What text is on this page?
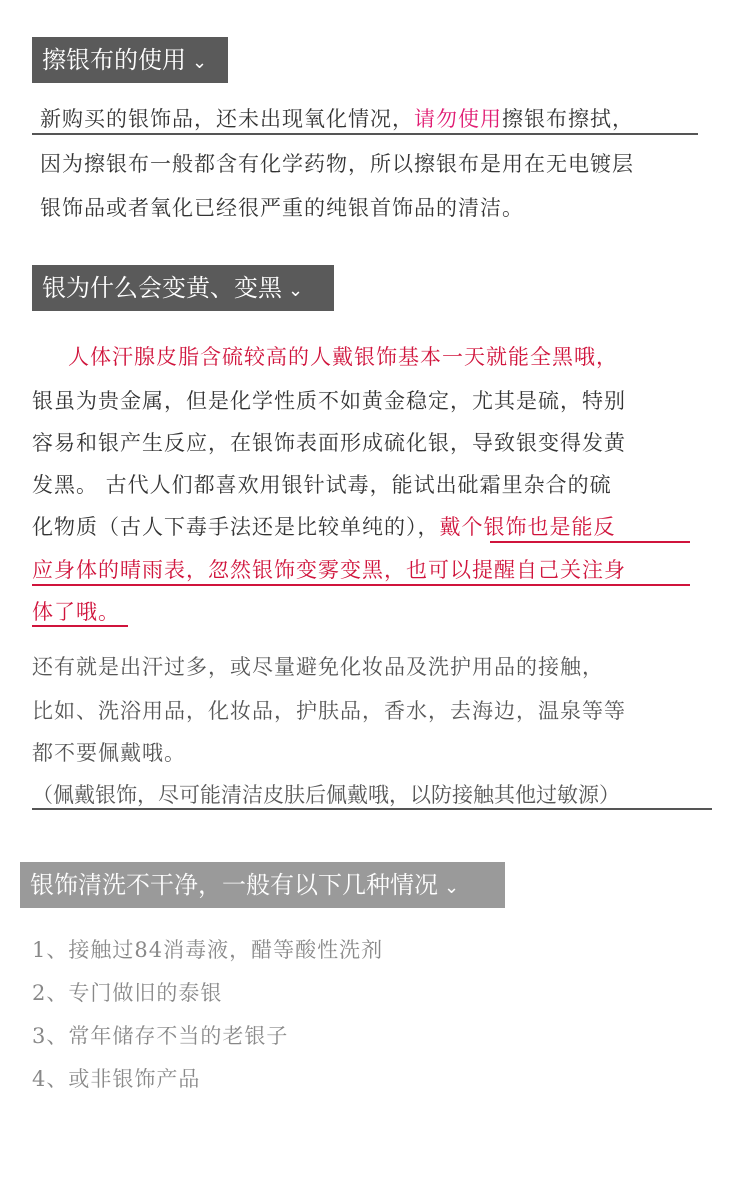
擦银布的使用 ⌄
新购买的银饰品，还未出现氧化情况，请勿使用擦银布擦拭，
因为擦银布一般都含有化学药物，所以擦银布是用在无电镀层
银饰品或者氧化已经很严重的纯银首饰品的清洁。
银为什么会变黄、变黑 ⌄
人体汗腺皮脂含硫较高的人戴银饰基本一天就能全黑哦，
银虽为贵金属，但是化学性质不如黄金稳定，尤其是硫，特别
容易和银产生反应，在银饰表面形成硫化银，导致银变得发黄
发黑。 古代人们都喜欢用银针试毒，能试出砒霜里杂合的硫
化物质（古人下毒手法还是比较单纯的），戴个银饰也是能反
应身体的晴雨表，忽然银饰变雾变黑，也可以提醒自己关注身
体了哦。
还有就是出汗过多，或尽量避免化妆品及洗护用品的接触，
比如、洗浴用品，化妆品，护肤品，香水，去海边，温泉等等
都不要佩戴哦。
（佩戴银饰，尽可能清洁皮肤后佩戴哦，以防接触其他过敏源）
银饰清洗不干净，一般有以下几种情况 ⌄
1、接触过84消毒液，醋等酸性洗剂
2、专门做旧的泰银
3、常年储存不当的老银子
4、或非银饰产品
